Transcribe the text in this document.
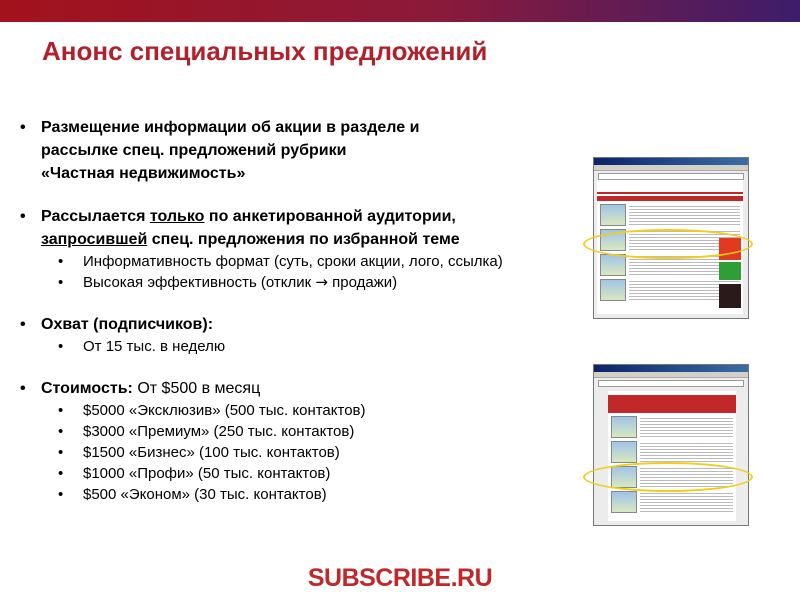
Анонс специальных предложений
• Размещение информации об акции в разделе и
рассылке спец. предложений рубрики
«Частная недвижимость»
• Рассылается только по анкетированной аудитории,
запросившей спец. предложения по избранной теме
• Информативность формат (суть, сроки акции, лого, ссылка)
• Высокая эффективность (отклик → продажи)
• Охват (подписчиков):
• От 15 тыс. в неделю
• Стоимость: От $500 в месяц
• $5000 «Эксклюзив» (500 тыс. контактов)
• $3000 «Премиум» (250 тыс. контактов)
• $1500 «Бизнес» (100 тыс. контактов)
• $1000 «Профи» (50 тыс. контактов)
• $500 «Эконом» (30 тыс. контактов)
SUBSCRIBE.RU
